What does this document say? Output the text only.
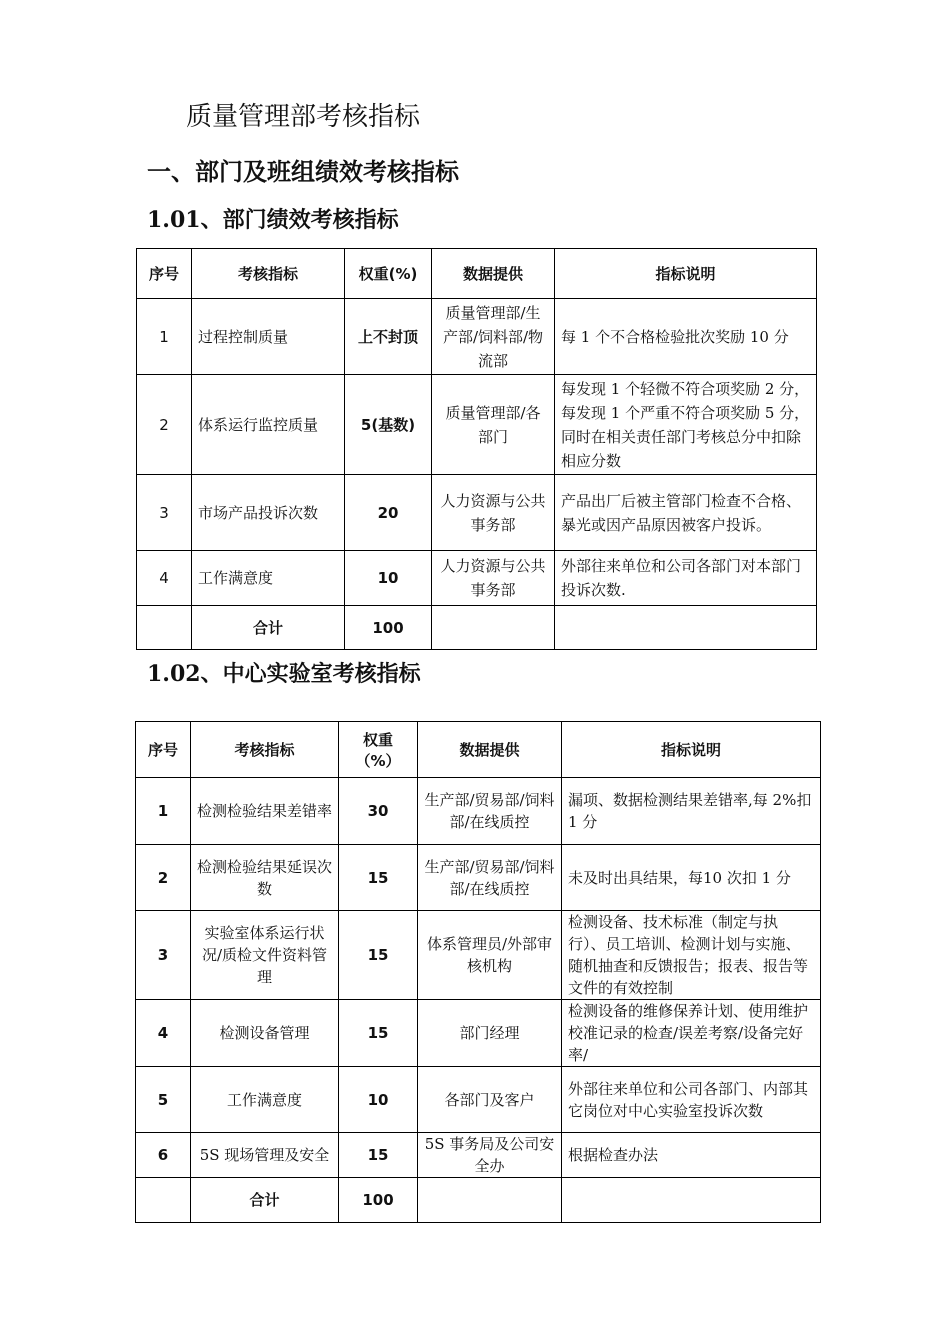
质量管理部考核指标
一、部门及班组绩效考核指标
1.01、部门绩效考核指标
序号	考核指标	权重(%)	数据提供	指标说明
1	过程控制质量	上不封顶	质量管理部/生产部/饲料部/物流部	每 1 个不合格检验批次奖励 10 分
2	体系运行监控质量	5(基数)	质量管理部/各部门	每发现 1 个轻微不符合项奖励 2 分，每发现 1 个严重不符合项奖励 5 分，同时在相关责任部门考核总分中扣除相应分数
3	市场产品投诉次数	20	人力资源与公共事务部	产品出厂后被主管部门检查不合格、暴光或因产品原因被客户投诉。
4	工作满意度	10	人力资源与公共事务部	外部往来单位和公司各部门对本部门投诉次数.
	合计	100		
1.02、中心实验室考核指标
序号	考核指标	权重（%）	数据提供	指标说明
1	检测检验结果差错率	30	生产部/贸易部/饲料部/在线质控	漏项、数据检测结果差错率,每 2%扣 1 分
2	检测检验结果延误次数	15	生产部/贸易部/饲料部/在线质控	未及时出具结果，每10 次扣 1 分
3	实验室体系运行状况/质检文件资料管理	15	体系管理员/外部审核机构	检测设备、技术标准（制定与执行）、员工培训、检测计划与实施、随机抽查和反馈报告；报表、报告等文件的有效控制
4	检测设备管理	15	部门经理	检测设备的维修保养计划、使用维护校准记录的检查/误差考察/设备完好率/
5	工作满意度	10	各部门及客户	外部往来单位和公司各部门、内部其它岗位对中心实验室投诉次数
6	5S 现场管理及安全	15	5S 事务局及公司安全办	根据检查办法
	合计	100		
